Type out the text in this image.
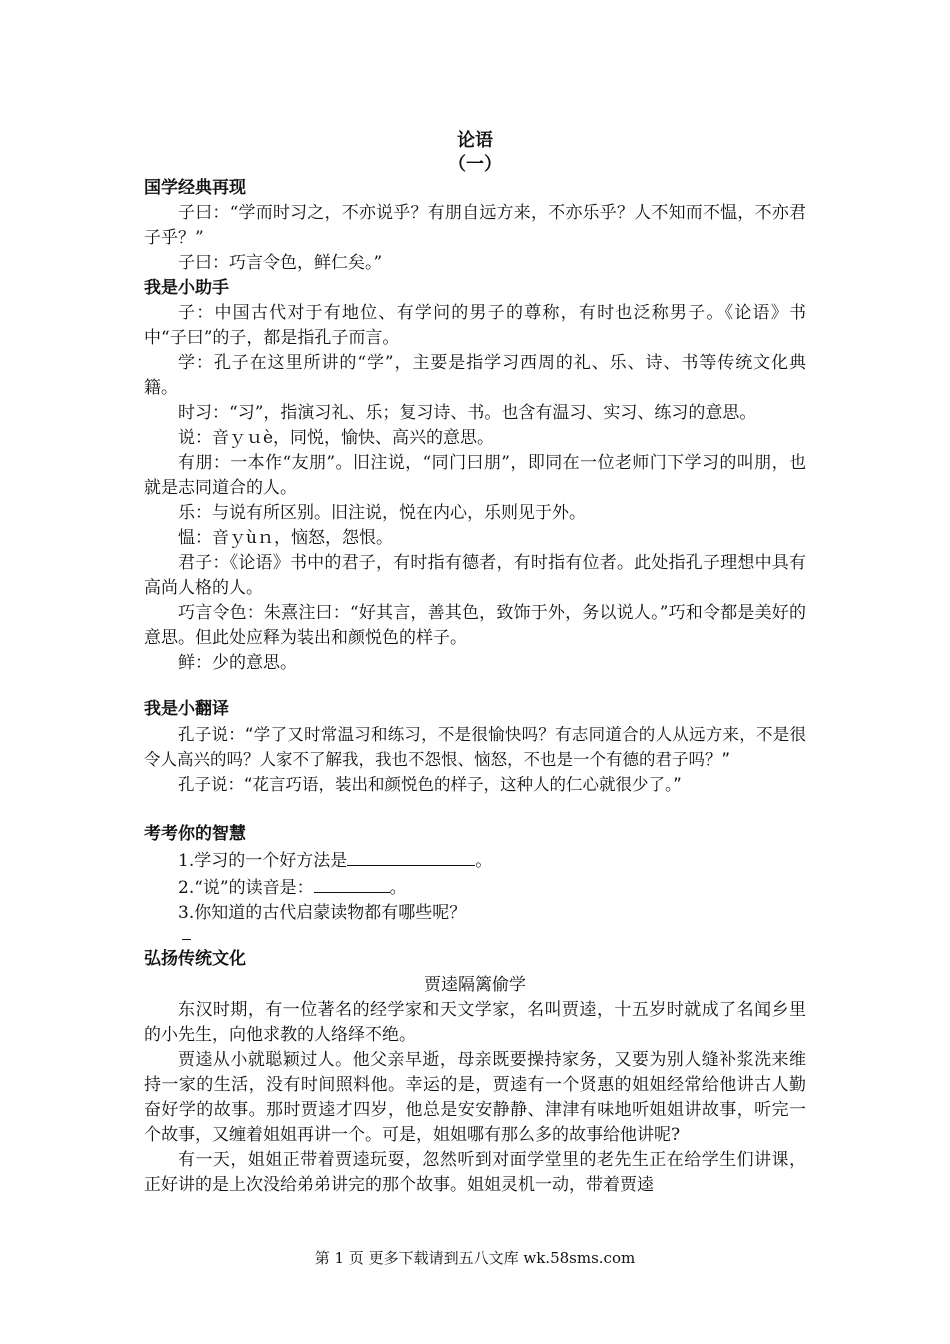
论语
（一）
国学经典再现

子曰：“学而时习之，不亦说乎？有朋自远方来，不亦乐乎？人不知而不愠，不亦君子乎？”

子曰：巧言令色，鲜仁矣。”

我是小助手

子：中国古代对于有地位、有学问的男子的尊称，有时也泛称男子。《论语》书中“子曰”的子，都是指孔子而言。

学：孔子在这里所讲的“学”，主要是指学习西周的礼、乐、诗、书等传统文化典籍。

时习：“习”，指演习礼、乐；复习诗、书。也含有温习、实习、练习的意思。

说：音ｙｕè，同悦，愉快、高兴的意思。

有朋：一本作“友朋”。旧注说，“同门曰朋”，即同在一位老师门下学习的叫朋，也就是志同道合的人。

乐：与说有所区别。旧注说，悦在内心，乐则见于外。

愠：音ｙùｎ，恼怒，怨恨。

君子：《论语》书中的君子，有时指有德者，有时指有位者。此处指孔子理想中具有高尚人格的人。

巧言令色：朱熹注曰：“好其言，善其色，致饰于外，务以说人。”巧和令都是美好的意思。但此处应释为装出和颜悦色的样子。

鲜：少的意思。

我是小翻译

孔子说：“学了又时常温习和练习，不是很愉快吗？有志同道合的人从远方来，不是很令人高兴的吗？人家不了解我，我也不怨恨、恼怒，不也是一个有德的君子吗？”

孔子说：“花言巧语，装出和颜悦色的样子，这种人的仁心就很少了。”

考考你的智慧
1.学习的一个好方法是	。
2.“说”的读音是：	。
3.你知道的古代启蒙读物都有哪些呢？
弘扬传统文化
贾逵隔篱偷学

东汉时期，有一位著名的经学家和天文学家，名叫贾逵，十五岁时就成了名闻乡里的小先生，向他求教的人络绎不绝。

贾逵从小就聪颖过人。他父亲早逝，母亲既要操持家务，又要为别人缝补浆洗来维持一家的生活，没有时间照料他。幸运的是，贾逵有一个贤惠的姐姐经常给他讲古人勤奋好学的故事。那时贾逵才四岁，他总是安安静静、津津有味地听姐姐讲故事，听完一个故事，又缠着姐姐再讲一个。可是，姐姐哪有那么多的故事给他讲呢?

有一天，姐姐正带着贾逵玩耍，忽然听到对面学堂里的老先生正在给学生们讲课，正好讲的是上次没给弟弟讲完的那个故事。姐姐灵机一动，带着贾逵

第 1 页 更多下载请到五八文库 wk.58sms.com
